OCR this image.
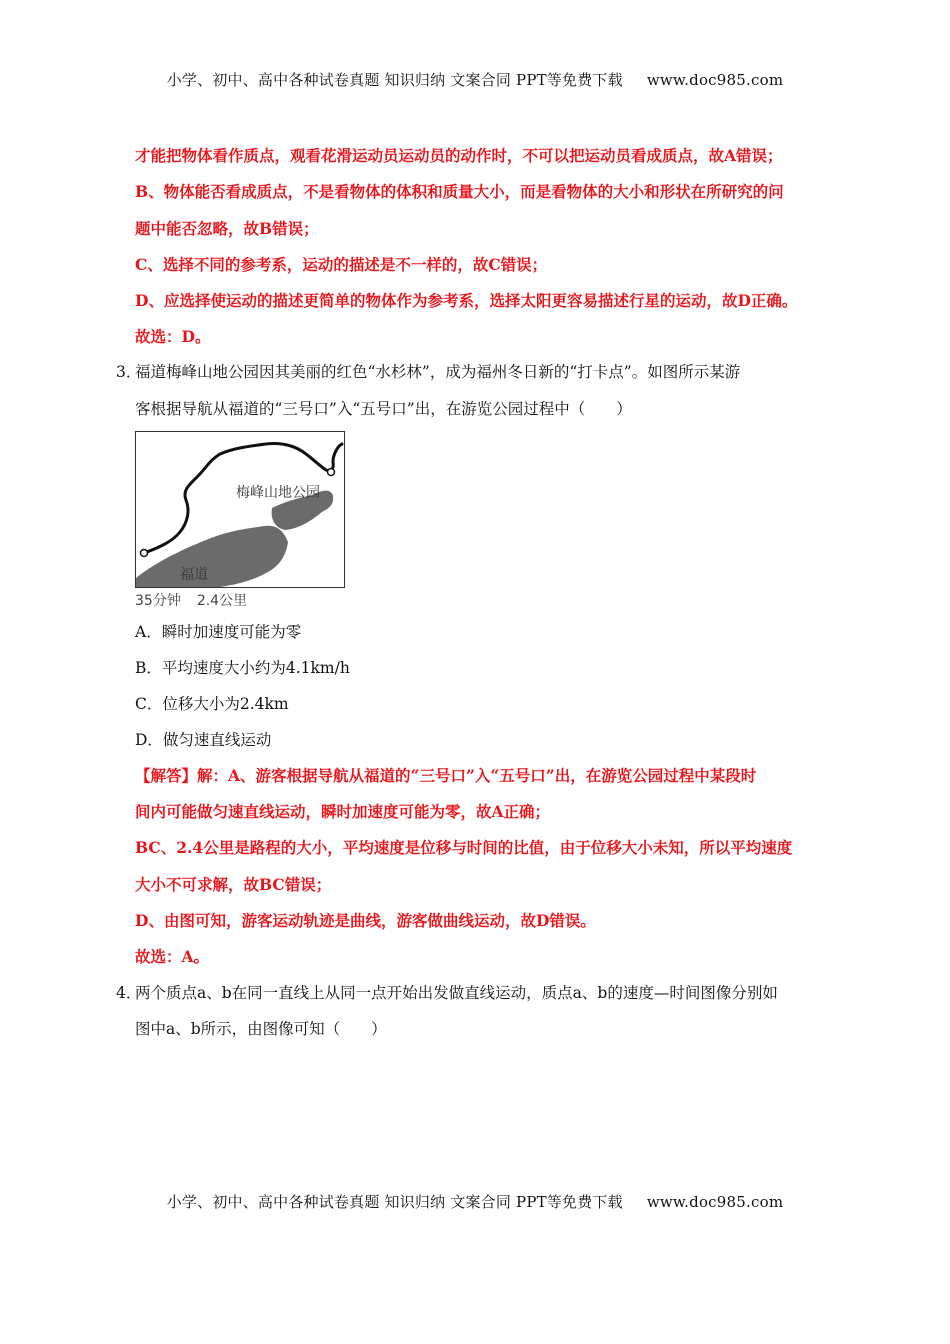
小学、初中、高中各种试卷真题 知识归纳 文案合同 PPT等免费下载 www.doc985.com
才能把物体看作质点，观看花滑运动员运动员的动作时，不可以把运动员看成质点，故A错误；
B、物体能否看成质点，不是看物体的体积和质量大小，而是看物体的大小和形状在所研究的问
题中能否忽略，故B错误；
C、选择不同的参考系，运动的描述是不一样的，故C错误；
D、应选择使运动的描述更简单的物体作为参考系，选择太阳更容易描述行星的运动，故D正确。
故选：D。
3．
福道梅峰山地公园因其美丽的红色“水杉林”，成为福州冬日新的“打卡点”。如图所示某游
客根据导航从福道的“三号口”入“五号口”出，在游览公园过程中（　　）
梅峰山地公园
福道
35分钟 2.4公里
A．瞬时加速度可能为零
B．平均速度大小约为4.1km/h
C．位移大小为2.4km
D．做匀速直线运动
【解答】解：A、游客根据导航从福道的“三号口”入“五号口”出，在游览公园过程中某段时
间内可能做匀速直线运动，瞬时加速度可能为零，故A正确；
BC、2.4公里是路程的大小，平均速度是位移与时间的比值，由于位移大小未知，所以平均速度
大小不可求解，故BC错误；
D、由图可知，游客运动轨迹是曲线，游客做曲线运动，故D错误。
故选：A。
4．
两个质点a、b在同一直线上从同一点开始出发做直线运动，质点a、b的速度—时间图像分别如
图中a、b所示，由图像可知（　　）
小学、初中、高中各种试卷真题 知识归纳 文案合同 PPT等免费下载 www.doc985.com
